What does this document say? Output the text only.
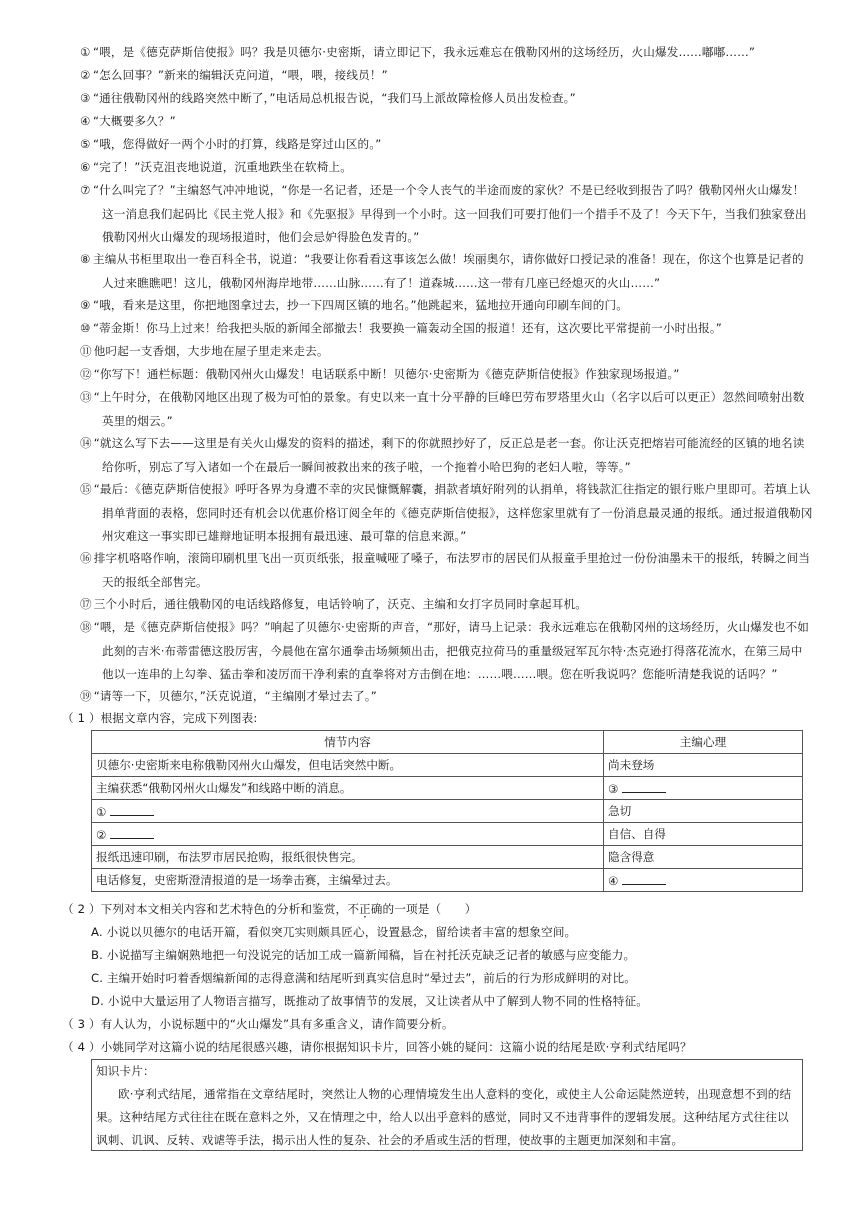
① “喂，是《德克萨斯信使报》吗？我是贝德尔·史密斯，请立即记下，我永远难忘在俄勒冈州的这场经历，火山爆发……嘟嘟……”
② “怎么回事？”新来的编辑沃克问道，“喂，喂，接线员！”
③ “通往俄勒冈州的线路突然中断了，”电话局总机报告说，“我们马上派故障检修人员出发检查。”
④ “大概要多久？”
⑤ “哦，您得做好一两个小时的打算，线路是穿过山区的。”
⑥ “完了！”沃克沮丧地说道，沉重地跌坐在软椅上。
⑦ “什么叫完了？”主编怒气冲冲地说，“你是一名记者，还是一个令人丧气的半途而废的家伙？不是已经收到报告了吗？俄勒冈州火山爆发！这一消息我们起码比《民主党人报》和《先驱报》早得到一个小时。这一回我们可要打他们一个措手不及了！今天下午，当我们独家登出俄勒冈州火山爆发的现场报道时，他们会忌妒得脸色发青的。”
⑧ 主编从书柜里取出一卷百科全书，说道：“我要让你看看这事该怎么做！埃丽奥尔，请你做好口授记录的准备！现在，你这个也算是记者的人过来瞧瞧吧！这儿，俄勒冈州海岸地带……山脉……有了！道森城……这一带有几座已经熄灭的火山……”
⑨ “哦，看来是这里，你把地图拿过去，抄一下四周区镇的地名。”他跳起来，猛地拉开通向印刷车间的门。
⑩ “蒂金斯！你马上过来！给我把头版的新闻全部撤去！我要换一篇轰动全国的报道！还有，这次要比平常提前一小时出报。”
⑪ 他叼起一支香烟，大步地在屋子里走来走去。
⑫ “你写下！通栏标题：俄勒冈州火山爆发！电话联系中断！贝德尔·史密斯为《德克萨斯信使报》作独家现场报道。”
⑬ “上午时分，在俄勒冈地区出现了极为可怕的景象。有史以来一直十分平静的巨峰巴劳布罗塔里火山（名字以后可以更正）忽然间喷射出数英里的烟云。”
⑭ “就这么写下去——这里是有关火山爆发的资料的描述，剩下的你就照抄好了，反正总是老一套。你让沃克把熔岩可能流经的区镇的地名读给你听，别忘了写入诸如一个在最后一瞬间被救出来的孩子啦，一个拖着小哈巴狗的老妇人啦，等等。”
⑮ “最后：《德克萨斯信使报》呼吁各界为身遭不幸的灾民慷慨解囊，捐款者填好附列的认捐单，将钱款汇往指定的银行账户里即可。若填上认捐单背面的表格，您同时还有机会以优惠价格订阅全年的《德克萨斯信使报》，这样您家里就有了一份消息最灵通的报纸。通过报道俄勒冈州灾难这一事实即已雄辩地证明本报拥有最迅速、最可靠的信息来源。”
⑯ 排字机咯咯作响，滚筒印刷机里飞出一页页纸张，报童喊哑了嗓子，布法罗市的居民们从报童手里抢过一份份油墨未干的报纸，转瞬之间当天的报纸全部售完。
⑰ 三个小时后，通往俄勒冈的电话线路修复，电话铃响了，沃克、主编和女打字员同时拿起耳机。
⑱ “喂，是《德克萨斯信使报》吗？”响起了贝德尔·史密斯的声音，“那好，请马上记录：我永远难忘在俄勒冈州的这场经历，火山爆发也不如此刻的吉米·布蒂雷德这股厉害，今晨他在富尔通拳击场频频出击，把俄克拉荷马的重量级冠军瓦尔特·杰克逊打得落花流水，在第三局中他以一连串的上勾拳、猛击拳和凌厉而干净利索的直拳将对方击倒在地：……喂……喂。您在听我说吗？您能听清楚我说的话吗？”
⑲ “请等一下，贝德尔，”沃克说道，“主编刚才晕过去了。”
（ 1 ）根据文章内容，完成下列图表:
情节内容	主编心理
贝德尔·史密斯来电称俄勒冈州火山爆发，但电话突然中断。	尚未登场
主编获悉“俄勒冈州火山爆发”和线路中断的消息。	③
①	急切
②	自信、自得
报纸迅速印刷，布法罗市居民抢购，报纸很快售完。	隐含得意
电话修复，史密斯澄清报道的是一场拳击赛，主编晕过去。	④
（ 2 ）下列对本文相关内容和艺术特色的分析和鉴赏，不正确的一项是（　　）
A. 小说以贝德尔的电话开篇，看似突兀实则颇具匠心，设置悬念，留给读者丰富的想象空间。
B. 小说描写主编娴熟地把一句没说完的话加工成一篇新闻稿，旨在衬托沃克缺乏记者的敏感与应变能力。
C. 主编开始时叼着香烟编新闻的志得意满和结尾听到真实信息时“晕过去”，前后的行为形成鲜明的对比。
D. 小说中大量运用了人物语言描写，既推动了故事情节的发展，又让读者从中了解到人物不同的性格特征。
（ 3 ）有人认为，小说标题中的“火山爆发”具有多重含义，请作简要分析。
（ 4 ）小姚同学对这篇小说的结尾很感兴趣，请你根据知识卡片，回答小姚的疑问：这篇小说的结尾是欧·亨利式结尾吗？
知识卡片：
欧·亨利式结尾，通常指在文章结尾时，突然让人物的心理情境发生出人意料的变化，或使主人公命运陡然逆转，出现意想不到的结果。这种结尾方式往往在既在意料之外，又在情理之中，给人以出乎意料的感觉，同时又不违背事件的逻辑发展。这种结尾方式往往以讽刺、讥讽、反转、戏谑等手法，揭示出人性的复杂、社会的矛盾或生活的哲理，使故事的主题更加深刻和丰富。
